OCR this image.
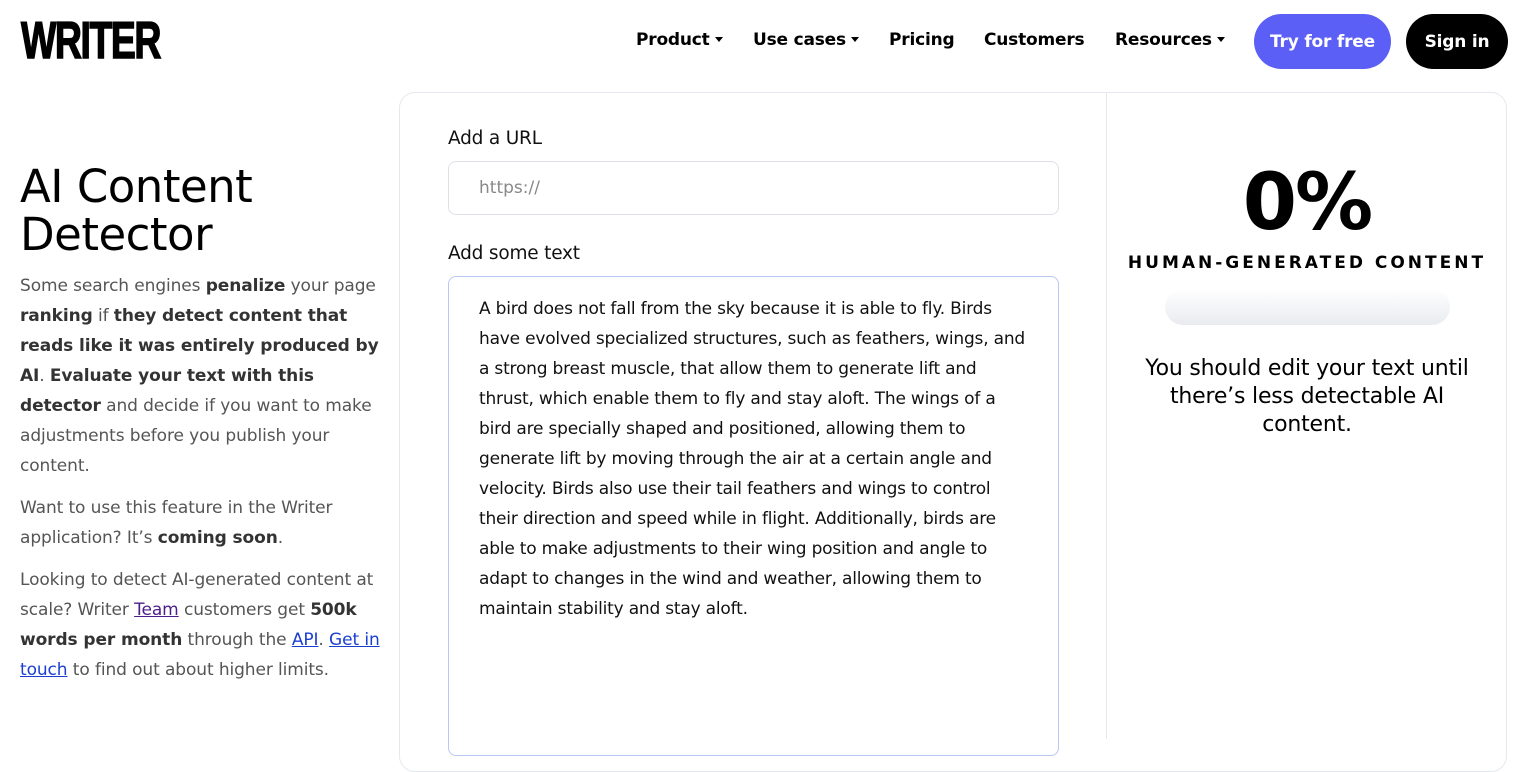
WRITER	Product	Use cases	Pricing Customers Resources	Try for free	Sign in
AI Content
Detector

Some search engines penalize your page ranking if they detect content that reads like it was entirely produced by AI. Evaluate your text with this detector and decide if you want to make adjustments before you publish your content.

Want to use this feature in the Writer application? It’s coming soon.

Looking to detect AI-generated content at scale? Writer Team customers get 500k words per month through the API. Get in touch to find out about higher limits.

Add a URL
https://
Add some text
A bird does not fall from the sky because it is able to fly. Birds have evolved specialized structures, such as feathers, wings, and a strong breast muscle, that allow them to generate lift and thrust, which enable them to fly and stay aloft. The wings of a bird are specially shaped and positioned, allowing them to generate lift by moving through the air at a certain angle and velocity. Birds also use their tail feathers and wings to control their direction and speed while in flight. Additionally, birds are able to make adjustments to their wing position and angle to adapt to changes in the wind and weather, allowing them to maintain stability and stay aloft.
0%
HUMAN-GENERATED CONTENT
You should edit your text until there’s less detectable AI content.
